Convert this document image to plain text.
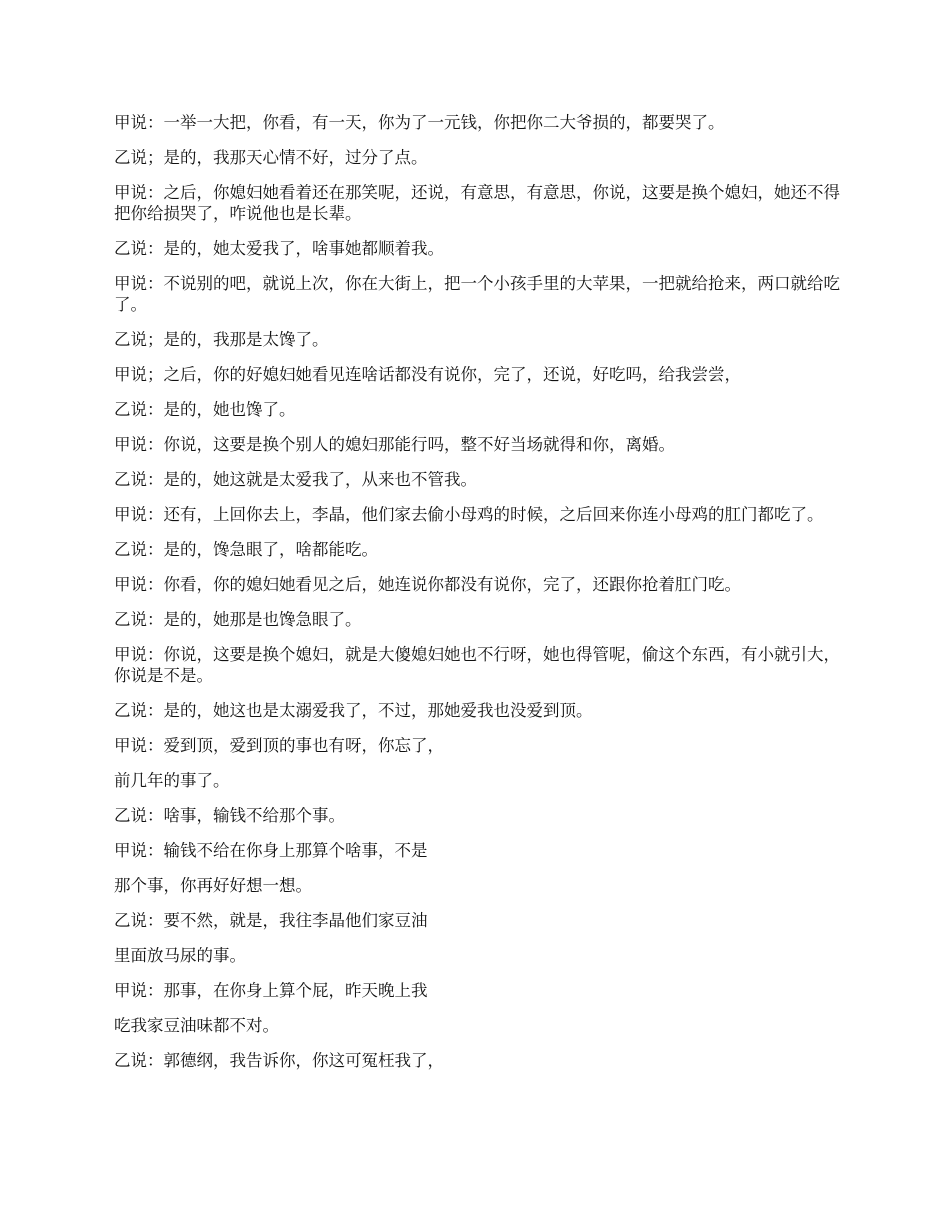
甲说：一举一大把，你看，有一天，你为了一元钱，你把你二大爷损的，都要哭了。

乙说；是的，我那天心情不好，过分了点。

甲说：之后，你媳妇她看着还在那笑呢，还说，有意思，有意思，你说，这要是换个媳妇，她还不得把你给损哭了，咋说他也是长辈。

乙说：是的，她太爱我了，啥事她都顺着我。

甲说：不说别的吧，就说上次，你在大街上，把一个小孩手里的大苹果，一把就给抢来，两口就给吃了。

乙说；是的，我那是太馋了。

甲说；之后，你的好媳妇她看见连啥话都没有说你，完了，还说，好吃吗，给我尝尝，

乙说：是的，她也馋了。

甲说：你说，这要是换个别人的媳妇那能行吗，整不好当场就得和你，离婚。

乙说：是的，她这就是太爱我了，从来也不管我。

甲说：还有，上回你去上，李晶，他们家去偷小母鸡的时候，之后回来你连小母鸡的肛门都吃了。

乙说：是的，馋急眼了，啥都能吃。

甲说：你看，你的媳妇她看见之后，她连说你都没有说你，完了，还跟你抢着肛门吃。

乙说：是的，她那是也馋急眼了。

甲说：你说，这要是换个媳妇，就是大傻媳妇她也不行呀，她也得管呢，偷这个东西，有小就引大，你说是不是。

乙说：是的，她这也是太溺爱我了，不过，那她爱我也没爱到顶。

甲说：爱到顶，爱到顶的事也有呀，你忘了，

前几年的事了。

乙说：啥事，输钱不给那个事。

甲说：输钱不给在你身上那算个啥事，不是

那个事，你再好好想一想。

乙说：要不然，就是，我往李晶他们家豆油

里面放马尿的事。

甲说：那事，在你身上算个屁，昨天晚上我

吃我家豆油味都不对。

乙说：郭德纲，我告诉你，你这可冤枉我了，
